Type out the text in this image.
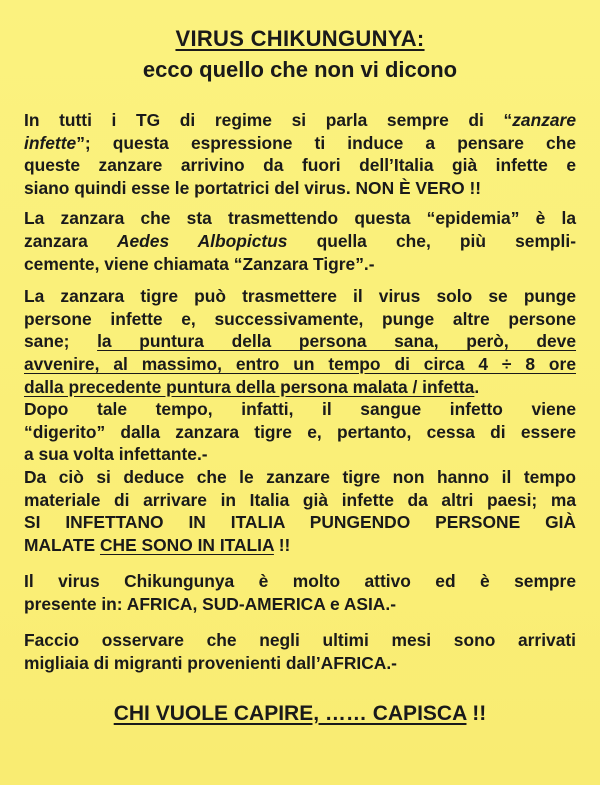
VIRUS CHIKUNGUNYA:
ecco quello che non vi dicono
In tutti i TG di regime si parla sempre di “zanzare
infette”; questa espressione ti induce a pensare che
queste zanzare arrivino da fuori dell’Italia già infette e
siano quindi esse le portatrici del virus. NON È VERO !!
La zanzara che sta trasmettendo questa “epidemia” è la
zanzara Aedes Albopictus quella che, più sempli-
cemente, viene chiamata “Zanzara Tigre”.-
La zanzara tigre può trasmettere il virus solo se punge
persone infette e, successivamente, punge altre persone
sane; la puntura della persona sana, però, deve
avvenire, al massimo, entro un tempo di circa 4 ÷ 8 ore
dalla precedente puntura della persona malata / infetta.
Dopo tale tempo, infatti, il sangue infetto viene
“digerito” dalla zanzara tigre e, pertanto, cessa di essere
a sua volta infettante.-
Da ciò si deduce che le zanzare tigre non hanno il tempo
materiale di arrivare in Italia già infette da altri paesi; ma
SI INFETTANO IN ITALIA PUNGENDO PERSONE GIÀ
MALATE CHE SONO IN ITALIA !!
Il virus Chikungunya è molto attivo ed è sempre
presente in: AFRICA, SUD-AMERICA e ASIA.-
Faccio osservare che negli ultimi mesi sono arrivati
migliaia di migranti provenienti dall’AFRICA.-
CHI VUOLE CAPIRE, …… CAPISCA !!
